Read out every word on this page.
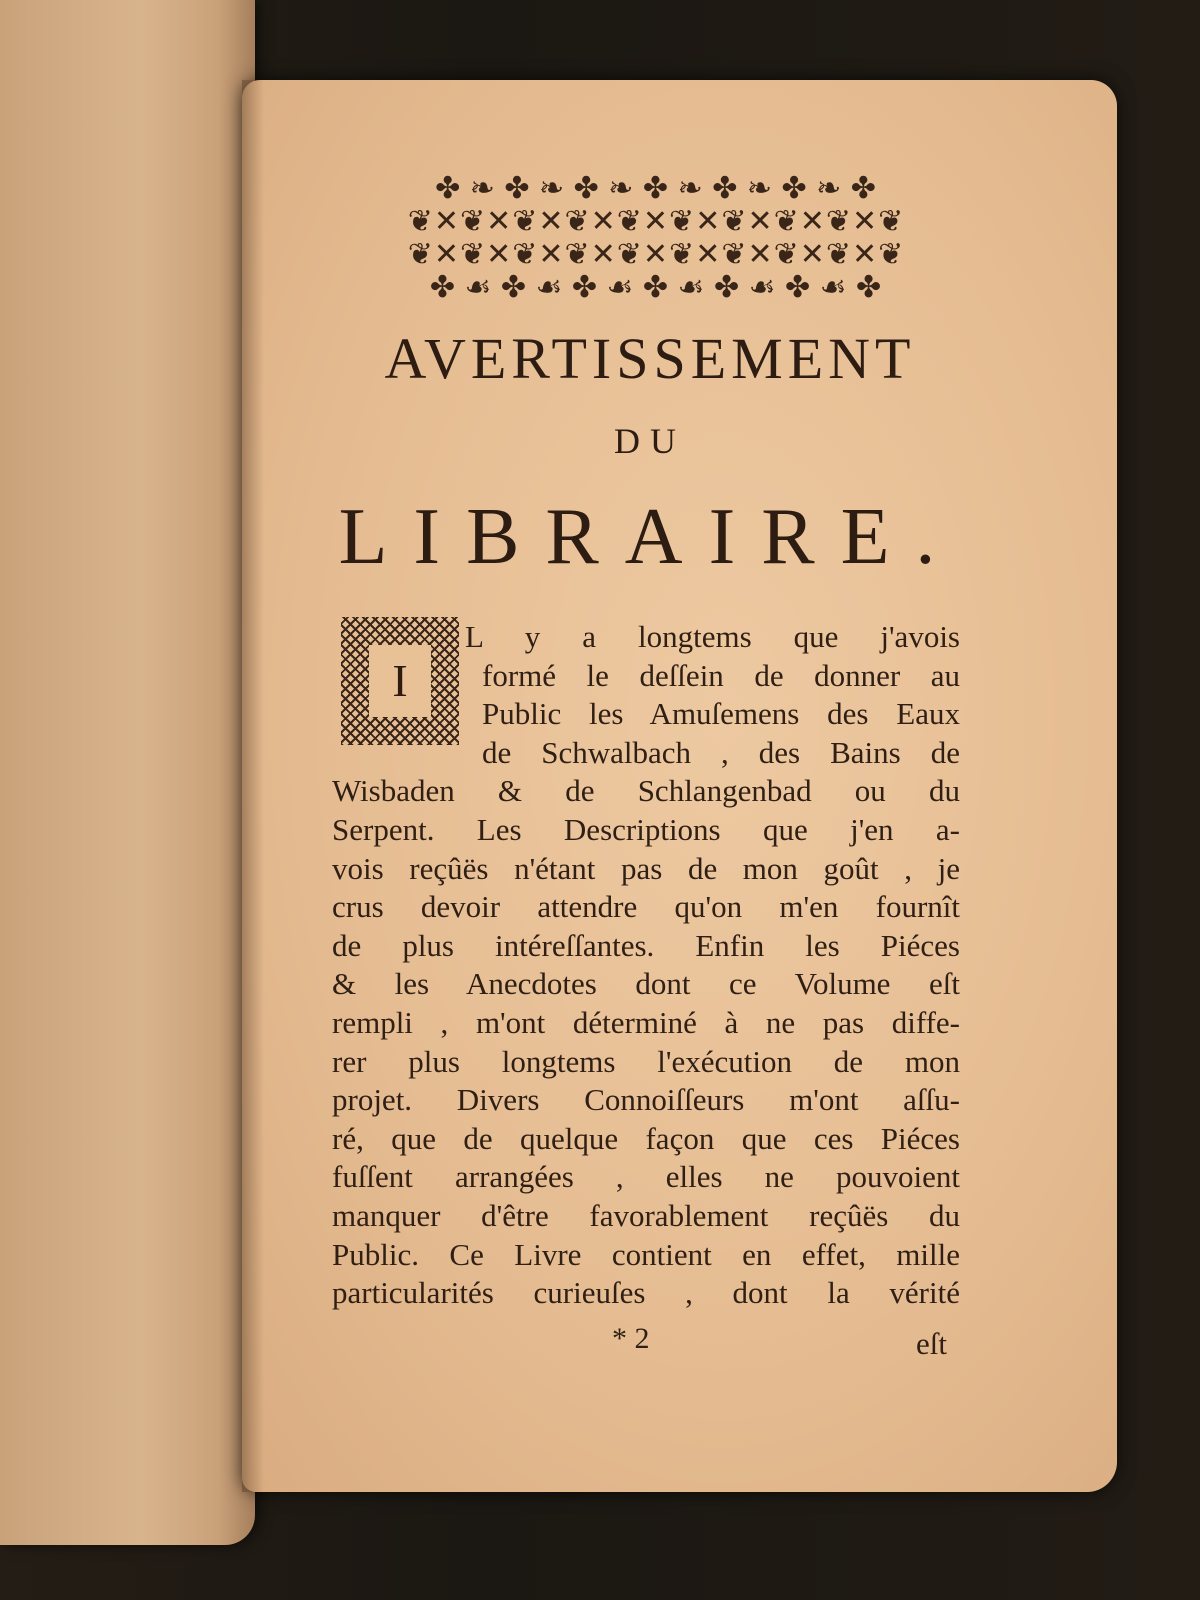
✤ ❧ ✤ ❧ ✤ ❧ ✤ ❧ ✤ ❧ ✤ ❧ ✤
❦✕❦✕❦✕❦✕❦✕❦✕❦✕❦✕❦✕❦
❦✕❦✕❦✕❦✕❦✕❦✕❦✕❦✕❦✕❦
✤ ☙ ✤ ☙ ✤ ☙ ✤ ☙ ✤ ☙ ✤ ☙ ✤
AVERTISSEMENT
DU
LIBRAIRE.
I
L y a longtems que j'avois
formé le deſſein de donner au
Public les Amuſemens des Eaux
de Schwalbach , des Bains de
Wisbaden & de Schlangenbad ou du
Serpent. Les Descriptions que j'en a-
vois reçûës n'étant pas de mon goût , je
crus devoir attendre qu'on m'en fournît
de plus intéreſſantes. Enfin les Piéces
& les Anecdotes dont ce Volume eſt
rempli , m'ont déterminé à ne pas diffe-
rer plus longtems l'exécution de mon
projet. Divers Connoiſſeurs m'ont aſſu-
ré, que de quelque façon que ces Piéces
fuſſent arrangées , elles ne pouvoient
manquer d'être favorablement reçûës du
Public. Ce Livre contient en effet, mille
particularités curieuſes , dont la vérité
* 2	eſt
